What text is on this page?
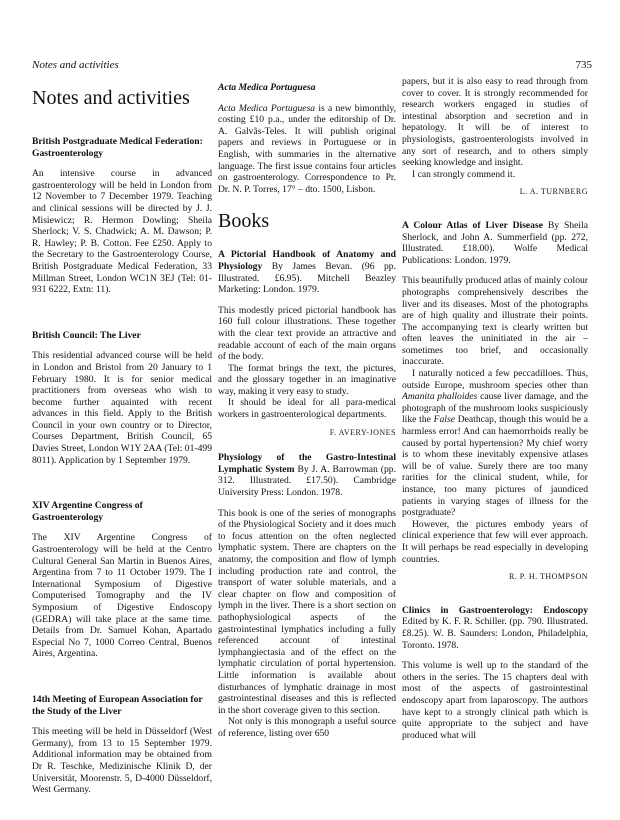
Notes and activities	735
Notes and activities
British Postgraduate Medical Federation: Gastroenterology

An intensive course in advanced gastroenterology will be held in London from 12 November to 7 December 1979. Teaching and clinical sessions will be directed by J. J. Misiewicz; R. Hermon Dowling; Sheila Sherlock; V. S. Chadwick; A. M. Dawson; P. R. Hawley; P. B. Cotton. Fee £250. Apply to the Secretary to the Gastroenterology Course, British Postgraduate Medical Federation, 33 Millman Street, London WC1N 3EJ (Tel: 01-931 6222, Extn: 11).

British Council: The Liver

This residential advanced course will be held in London and Bristol from 20 January to 1 February 1980. It is for senior medical practitioners from overseas who wish to become further aquainted with recent advances in this field. Apply to the British Council in your own country or to Director, Courses Department, British Council, 65 Davies Street, London W1Y 2AA (Tel: 01-499 8011). Application by 1 September 1979.

XIV Argentine Congress of Gastroenterology

The XIV Argentine Congress of Gastroenterology will be held at the Centro Cultural General San Martin in Buenos Aires, Argentina from 7 to 11 October 1979. The I International Symposium of Digestive Computerised Tomography and the IV Symposium of Digestive Endoscopy (GEDRA) will take place at the same time. Details from Dr. Samuel Kohan, Apartado Especial No 7, 1000 Correo Central, Buenos Aires, Argentina.

14th Meeting of European Association for the Study of the Liver

This meeting will be held in Düsseldorf (West Germany), from 13 to 15 September 1979. Additional information may be obtained from Dr R. Teschke, Medizinische Klinik D, der Universität, Moorenstr. 5, D-4000 Düsseldorf, West Germany.

Acta Medica Portuguesa

Acta Medica Portuguesa is a new bimonthly, costing £10 p.a., under the editorship of Dr. A. Galvãs-Teles. It will publish original papers and reviews in Portuguese or in English, with summaries in the alternative language. The first issue contains four articles on gastroenterology. Correspondence to Pr. Dr. N. P. Torres, 17° – dto. 1500, Lisbon.

Books
A Pictorial Handbook of Anatomy and Physiology By James Bevan. (96 pp. Illustrated. £6.95). Mitchell Beazley Marketing: London. 1979.

This modestly priced pictorial handbook has 160 full colour illustrations. These together with the clear text provide an attractive and readable account of each of the main organs of the body.

The format brings the text, the pictures, and the glossary together in an imaginative way, making it very easy to study.

It should be ideal for all para-medical workers in gastroenterological departments.

F. AVERY-JONES
Physiology of the Gastro-Intestinal Lymphatic System By J. A. Barrowman (pp. 312. Illustrated. £17.50). Cambridge University Press: London. 1978.

This book is one of the series of monographs of the Physiological Society and it does much to focus attention on the often neglected lymphatic system. There are chapters on the anatomy, the composition and flow of lymph including production rate and control, the transport of water soluble materials, and a clear chapter on flow and composition of lymph in the liver. There is a short section on pathophysiological aspects of the gastrointestinal lymphatics including a fully referenced account of intestinal lymphangiectasia and of the effect on the lymphatic circulation of portal hypertension. Little information is available about disturbances of lymphatic drainage in most gastrointestinal diseases and this is reflected in the short coverage given to this section.

Not only is this monograph a useful source of reference, listing over 650

papers, but it is also easy to read through from cover to cover. It is strongly recommended for research workers engaged in studies of intestinal absorption and secretion and in hepatology. It will be of interest to physiologists, gastroenterologists involved in any sort of research, and to others simply seeking knowledge and insight.

I can strongly commend it.

L. A. TURNBERG
A Colour Atlas of Liver Disease By Sheila Sherlock, and John A. Summerfield (pp. 272, Illustrated. £18.00). Wolfe Medical Publications: London. 1979.

This beautifully produced atlas of mainly colour photographs comprehensively describes the liver and its diseases. Most of the photographs are of high quality and illustrate their points. The accompanying text is clearly written but often leaves the uninitiated in the air – sometimes too brief, and occasionally inaccurate.

I naturally noticed a few peccadilloes. Thus, outside Europe, mushroom species other than Amanita phalloides cause liver damage, and the photograph of the mushroom looks suspiciously like the False Deathcap, though this would be a harmless error! And can haemorrhoids really be caused by portal hypertension? My chief worry is to whom these inevitably expensive atlases will be of value. Surely there are too many rarities for the clinical student, while, for instance, too many pictures of jaundiced patients in varying stages of illness for the postgraduate?

However, the pictures embody years of clinical experience that few will ever approach. It will perhaps be read especially in developing countries.

R. P. H. THOMPSON
Clinics in Gastroenterology: Endoscopy Edited by K. F. R. Schiller. (pp. 790. Illustrated. £8.25). W. B. Saunders: London, Philadelphia, Toronto. 1978.

This volume is well up to the standard of the others in the series. The 15 chapters deal with most of the aspects of gastrointestinal endoscopy apart from laparoscopy. The authors have kept to a strongly clinical path which is quite appropriate to the subject and have produced what will
